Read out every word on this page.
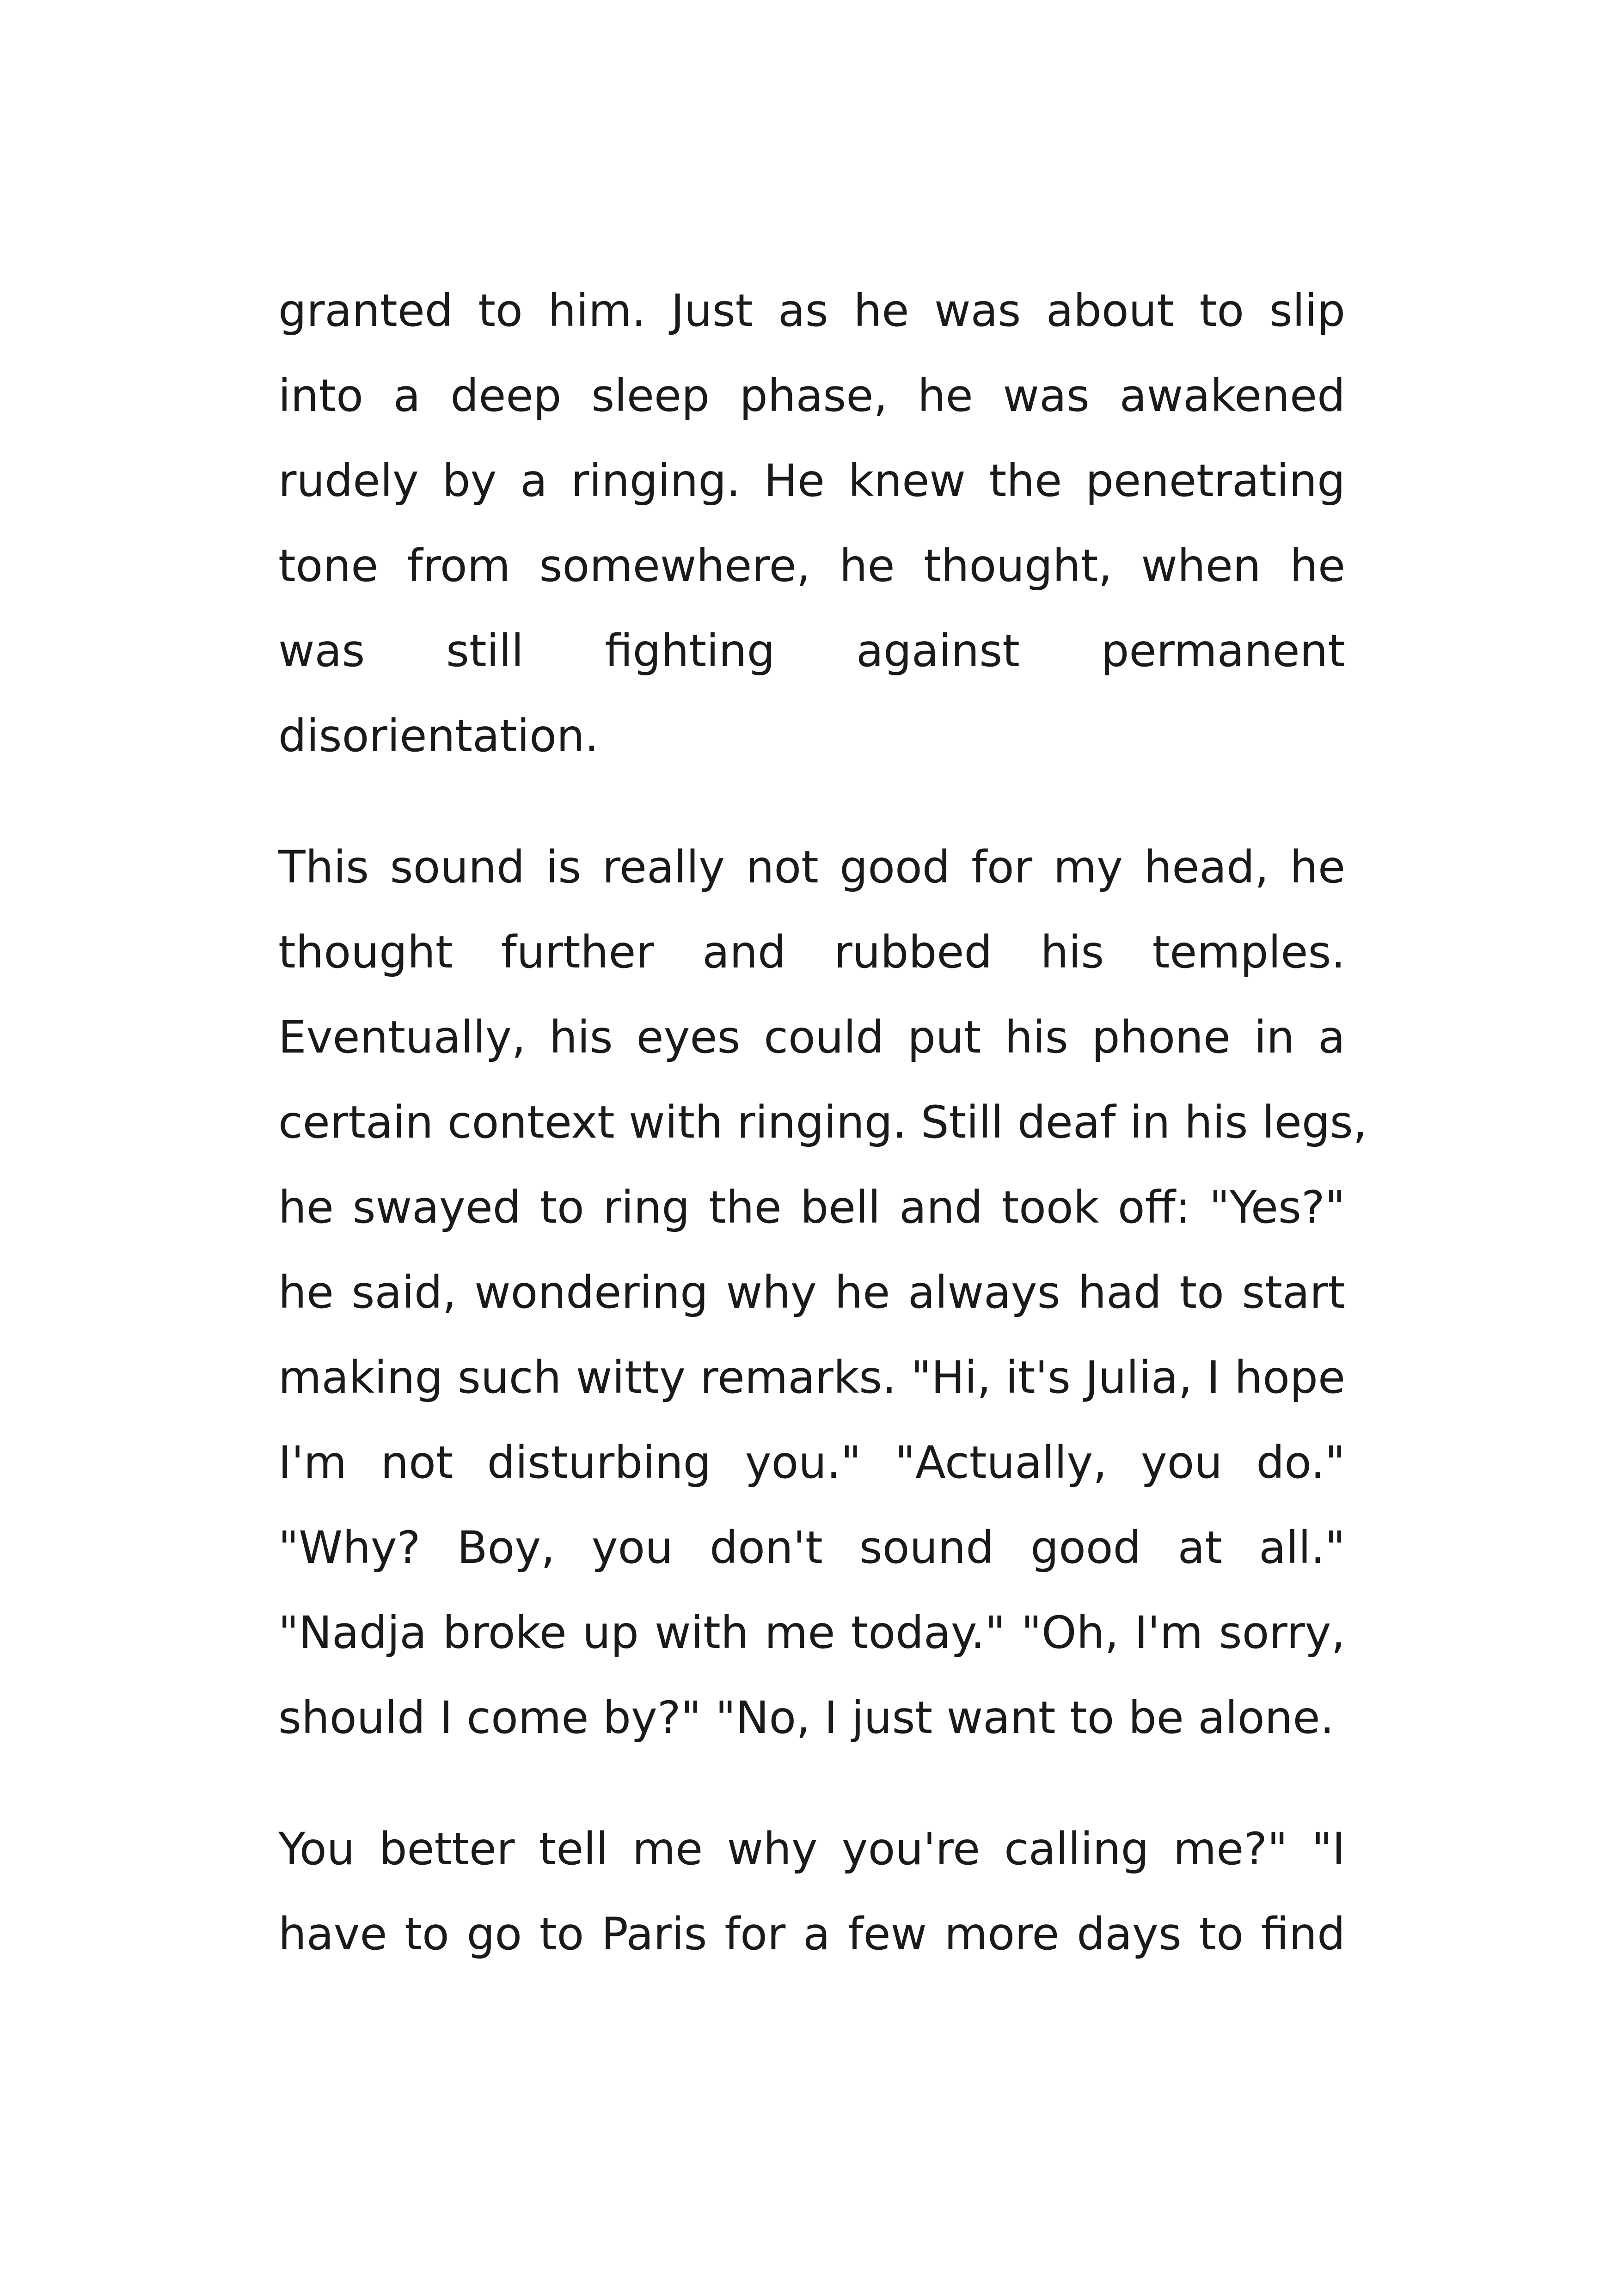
granted to him. Just as he was about to slip
into a deep sleep phase, he was awakened
rudely by a ringing. He knew the penetrating
tone from somewhere, he thought, when he
was still fighting against permanent
disorientation.
This sound is really not good for my head, he
thought further and rubbed his temples.
Eventually, his eyes could put his phone in a
certain context with ringing. Still deaf in his legs,
he swayed to ring the bell and took off: "Yes?"
he said, wondering why he always had to start
making such witty remarks. "Hi, it's Julia, I hope
I'm not disturbing you." "Actually, you do."
"Why? Boy, you don't sound good at all."
"Nadja broke up with me today." "Oh, I'm sorry,
should I come by?" "No, I just want to be alone.
You better tell me why you're calling me?" "I
have to go to Paris for a few more days to find
